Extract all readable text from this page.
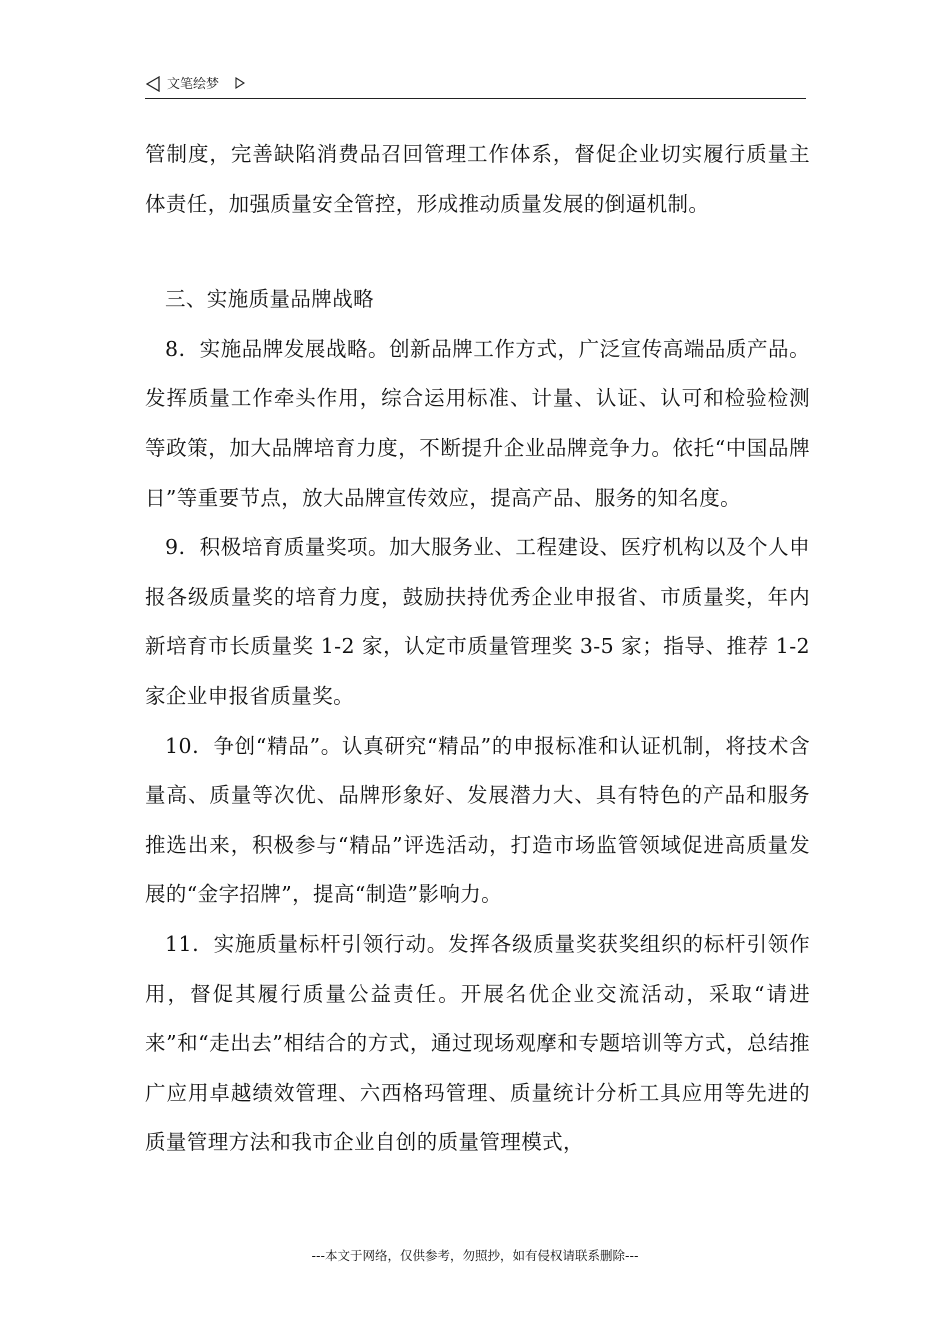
文笔绘梦

管制度，完善缺陷消费品召回管理工作体系，督促企业切实履行质量主体责任，加强质量安全管控，形成推动质量发展的倒逼机制。

三、实施质量品牌战略

8．实施品牌发展战略。创新品牌工作方式，广泛宣传高端品质产品。发挥质量工作牵头作用，综合运用标准、计量、认证、认可和检验检测等政策，加大品牌培育力度，不断提升企业品牌竞争力。依托“中国品牌日”等重要节点，放大品牌宣传效应，提高产品、服务的知名度。

9．积极培育质量奖项。加大服务业、工程建设、医疗机构以及个人申报各级质量奖的培育力度，鼓励扶持优秀企业申报省、市质量奖，年内新培育市长质量奖 1-2 家，认定市质量管理奖 3-5 家；指导、推荐 1-2 家企业申报省质量奖。

10．争创“精品”。认真研究“精品”的申报标准和认证机制，将技术含量高、质量等次优、品牌形象好、发展潜力大、具有特色的产品和服务推选出来，积极参与“精品”评选活动，打造市场监管领域促进高质量发展的“金字招牌”，提高“制造”影响力。

11．实施质量标杆引领行动。发挥各级质量奖获奖组织的标杆引领作用，督促其履行质量公益责任。开展名优企业交流活动，采取“请进来”和“走出去”相结合的方式，通过现场观摩和专题培训等方式，总结推广应用卓越绩效管理、六西格玛管理、质量统计分析工具应用等先进的质量管理方法和我市企业自创的质量管理模式，

---本文于网络，仅供参考，勿照抄，如有侵权请联系删除---
